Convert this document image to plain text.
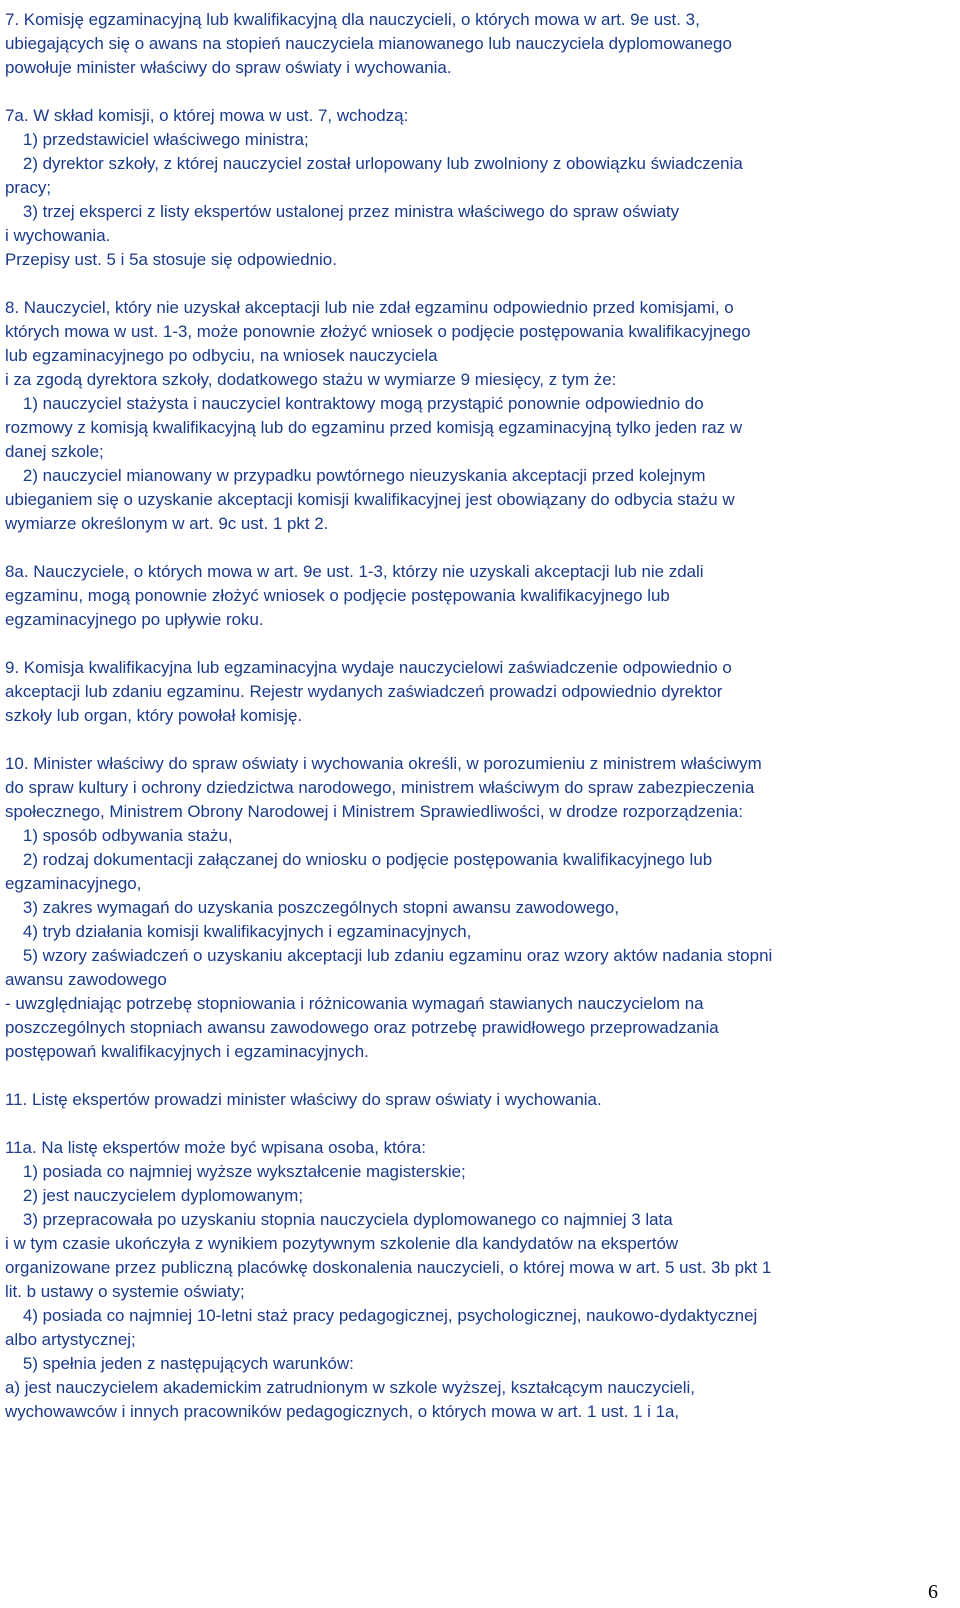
7. Komisję egzaminacyjną lub kwalifikacyjną dla nauczycieli, o których mowa w art. 9e ust. 3,
ubiegających się o awans na stopień nauczyciela mianowanego lub nauczyciela dyplomowanego
powołuje minister właściwy do spraw oświaty i wychowania.
7a. W skład komisji, o której mowa w ust. 7, wchodzą:
1) przedstawiciel właściwego ministra;
2) dyrektor szkoły, z której nauczyciel został urlopowany lub zwolniony z obowiązku świadczenia
pracy;
3) trzej eksperci z listy ekspertów ustalonej przez ministra właściwego do spraw oświaty
i wychowania.
Przepisy ust. 5 i 5a stosuje się odpowiednio.
8. Nauczyciel, który nie uzyskał akceptacji lub nie zdał egzaminu odpowiednio przed komisjami, o
których mowa w ust. 1-3, może ponownie złożyć wniosek o podjęcie postępowania kwalifikacyjnego
lub egzaminacyjnego po odbyciu, na wniosek nauczyciela
i za zgodą dyrektora szkoły, dodatkowego stażu w wymiarze 9 miesięcy, z tym że:
1) nauczyciel stażysta i nauczyciel kontraktowy mogą przystąpić ponownie odpowiednio do
rozmowy z komisją kwalifikacyjną lub do egzaminu przed komisją egzaminacyjną tylko jeden raz w
danej szkole;
2) nauczyciel mianowany w przypadku powtórnego nieuzyskania akceptacji przed kolejnym
ubieganiem się o uzyskanie akceptacji komisji kwalifikacyjnej jest obowiązany do odbycia stażu w
wymiarze określonym w art. 9c ust. 1 pkt 2.
8a. Nauczyciele, o których mowa w art. 9e ust. 1-3, którzy nie uzyskali akceptacji lub nie zdali
egzaminu, mogą ponownie złożyć wniosek o podjęcie postępowania kwalifikacyjnego lub
egzaminacyjnego po upływie roku.
9. Komisja kwalifikacyjna lub egzaminacyjna wydaje nauczycielowi zaświadczenie odpowiednio o
akceptacji lub zdaniu egzaminu. Rejestr wydanych zaświadczeń prowadzi odpowiednio dyrektor
szkoły lub organ, który powołał komisję.
10. Minister właściwy do spraw oświaty i wychowania określi, w porozumieniu z ministrem właściwym
do spraw kultury i ochrony dziedzictwa narodowego, ministrem właściwym do spraw zabezpieczenia
społecznego, Ministrem Obrony Narodowej i Ministrem Sprawiedliwości, w drodze rozporządzenia:
1) sposób odbywania stażu,
2) rodzaj dokumentacji załączanej do wniosku o podjęcie postępowania kwalifikacyjnego lub
egzaminacyjnego,
3) zakres wymagań do uzyskania poszczególnych stopni awansu zawodowego,
4) tryb działania komisji kwalifikacyjnych i egzaminacyjnych,
5) wzory zaświadczeń o uzyskaniu akceptacji lub zdaniu egzaminu oraz wzory aktów nadania stopni
awansu zawodowego
- uwzględniając potrzebę stopniowania i różnicowania wymagań stawianych nauczycielom na
poszczególnych stopniach awansu zawodowego oraz potrzebę prawidłowego przeprowadzania
postępowań kwalifikacyjnych i egzaminacyjnych.
11. Listę ekspertów prowadzi minister właściwy do spraw oświaty i wychowania.
11a. Na listę ekspertów może być wpisana osoba, która:
1) posiada co najmniej wyższe wykształcenie magisterskie;
2) jest nauczycielem dyplomowanym;
3) przepracowała po uzyskaniu stopnia nauczyciela dyplomowanego co najmniej 3 lata
i w tym czasie ukończyła z wynikiem pozytywnym szkolenie dla kandydatów na ekspertów
organizowane przez publiczną placówkę doskonalenia nauczycieli, o której mowa w art. 5 ust. 3b pkt 1
lit. b ustawy o systemie oświaty;
4) posiada co najmniej 10-letni staż pracy pedagogicznej, psychologicznej, naukowo-dydaktycznej
albo artystycznej;
5) spełnia jeden z następujących warunków:
a) jest nauczycielem akademickim zatrudnionym w szkole wyższej, kształcącym nauczycieli,
wychowawców i innych pracowników pedagogicznych, o których mowa w art. 1 ust. 1 i 1a,
6
